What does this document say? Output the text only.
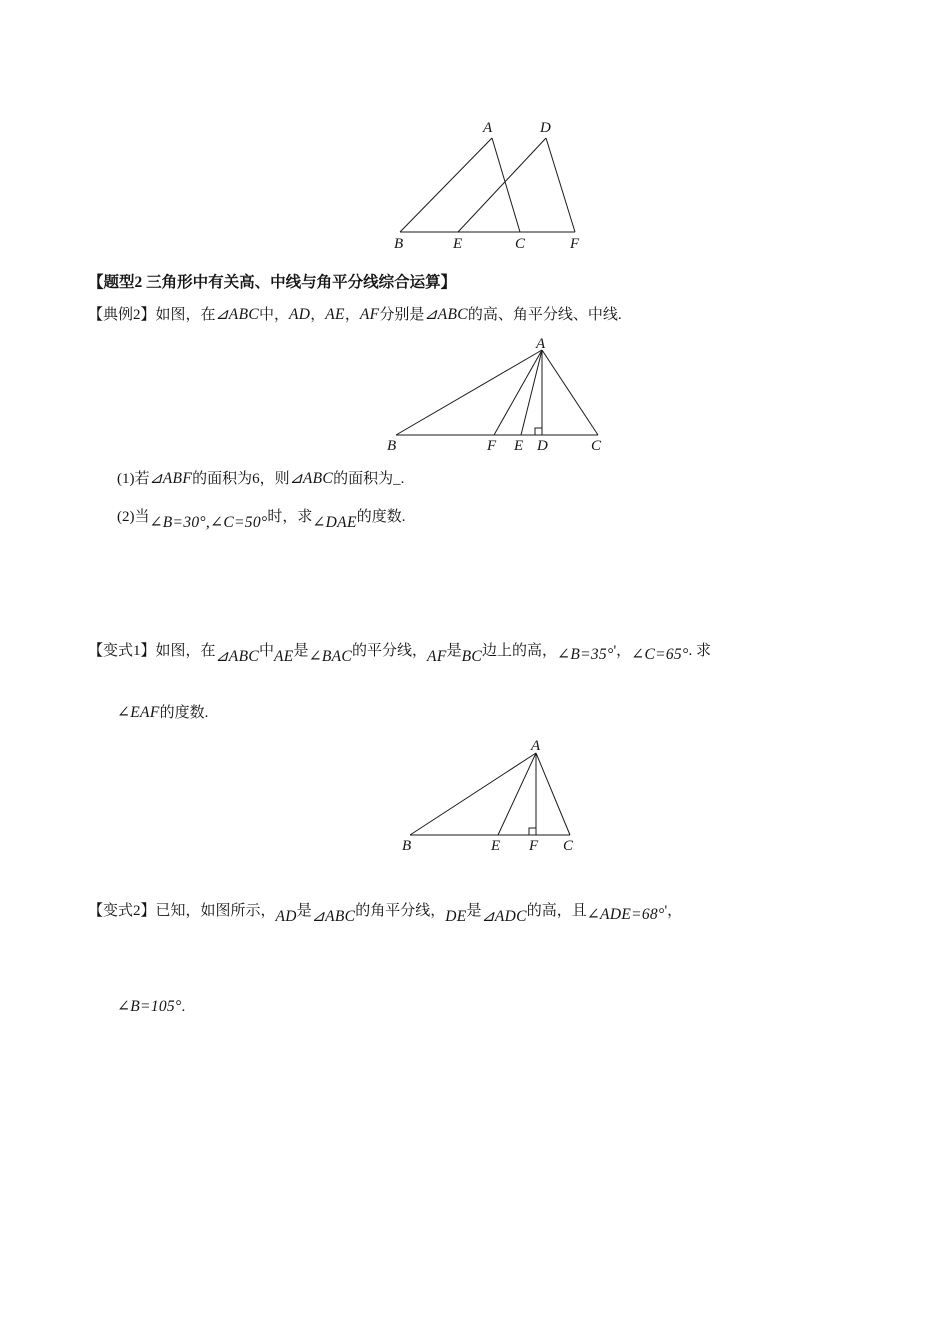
A	D
B	E	C	F
【题型2 三角形中有关高、中线与角平分线综合运算】
【典例2】如图，在⊿ABC中，AD，AE，AF分别是⊿ABC的高、角平分线、中线.
A
B	F E D	C
(1)若⊿ABF的面积为6，则⊿ABC的面积为_.
(2)当∠B=30°,∠C=50°时，求∠DAE的度数.
【变式1】如图，在⊿ABC中AE是∠BAC的平分线，AF是BC边上的高，∠B=35°'，∠C=65°. 求
∠EAF的度数.
A
B	E F C
【变式2】已知，如图所示，AD是⊿ABC的角平分线，DE是⊿ADC的高，且∠ADE=68°'，
∠B=105°.
